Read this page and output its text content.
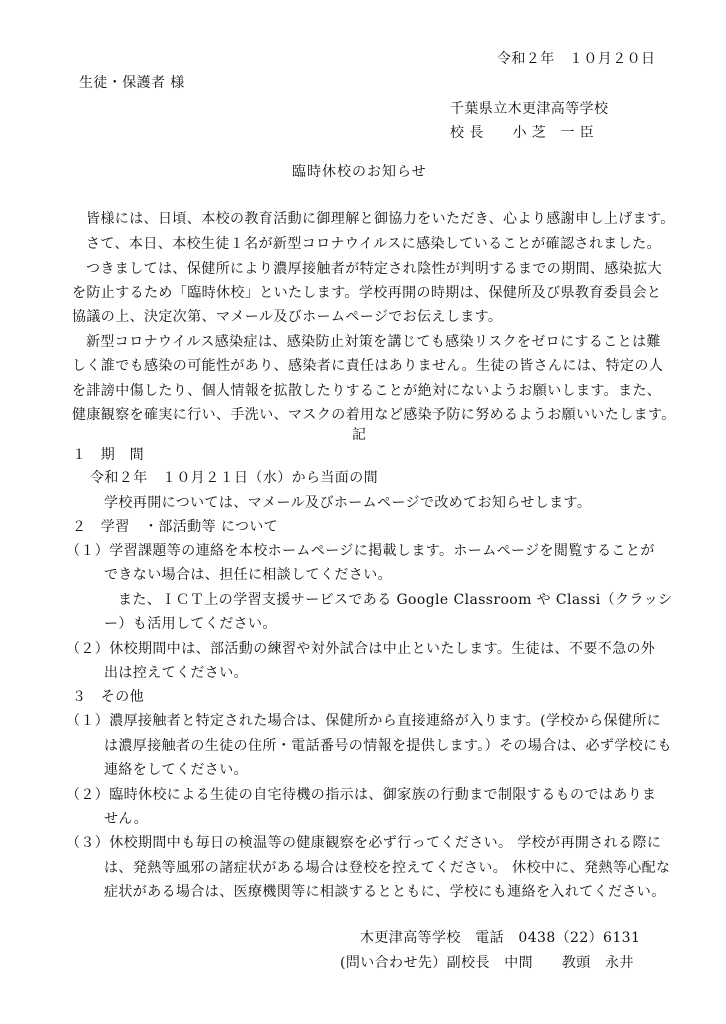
令和２年　１０月２０日
生徒・保護者 様
千葉県立木更津高等学校
校 長　　小 芝　一 臣
臨時休校のお知らせ
皆様には、日頃、本校の教育活動に御理解と御協力をいただき、心より感謝申し上げます。
さて、本日、本校生徒１名が新型コロナウイルスに感染していることが確認されました。
つきましては、保健所により濃厚接触者が特定され陰性が判明するまでの期間、感染拡大
を防止するため「臨時休校」といたします。学校再開の時期は、保健所及び県教育委員会と
協議の上、決定次第、マメール及びホームページでお伝えします。
新型コロナウイルス感染症は、感染防止対策を講じても感染リスクをゼロにすることは難
しく誰でも感染の可能性があり、感染者に責任はありません。生徒の皆さんには、特定の人
を誹謗中傷したり、個人情報を拡散したりすることが絶対にないようお願いします。また、
健康観察を確実に行い、手洗い、マスクの着用など感染予防に努めるようお願いいたします。
記
１　期　間
令和２年　１０月２１日（水）から当面の間
学校再開については、マメール及びホームページで改めてお知らせします。
２　学習　・部活動等 について
（１）学習課題等の連絡を本校ホームページに掲載します。ホームページを閲覧することが
できない場合は、担任に相談してください。
また、ＩＣＴ上の学習支援サービスである Google Classroom や Classi（クラッシ
ー）も活用してください。
（２）休校期間中は、部活動の練習や対外試合は中止といたします。生徒は、不要不急の外
出は控えてください。
３　その他
（１）濃厚接触者と特定された場合は、保健所から直接連絡が入ります。(学校から保健所に
は濃厚接触者の生徒の住所・電話番号の情報を提供します。）その場合は、必ず学校にも
連絡をしてください。
（２）臨時休校による生徒の自宅待機の指示は、御家族の行動まで制限するものではありま
せん。
（３）休校期間中も毎日の検温等の健康観察を必ず行ってください。 学校が再開される際に
は、発熱等風邪の諸症状がある場合は登校を控えてください。 休校中に、発熱等心配な
症状がある場合は、医療機関等に相談するとともに、学校にも連絡を入れてください。
木更津高等学校　電話　0438（22）6131
(問い合わせ先）副校長　中間　　教頭　永井
